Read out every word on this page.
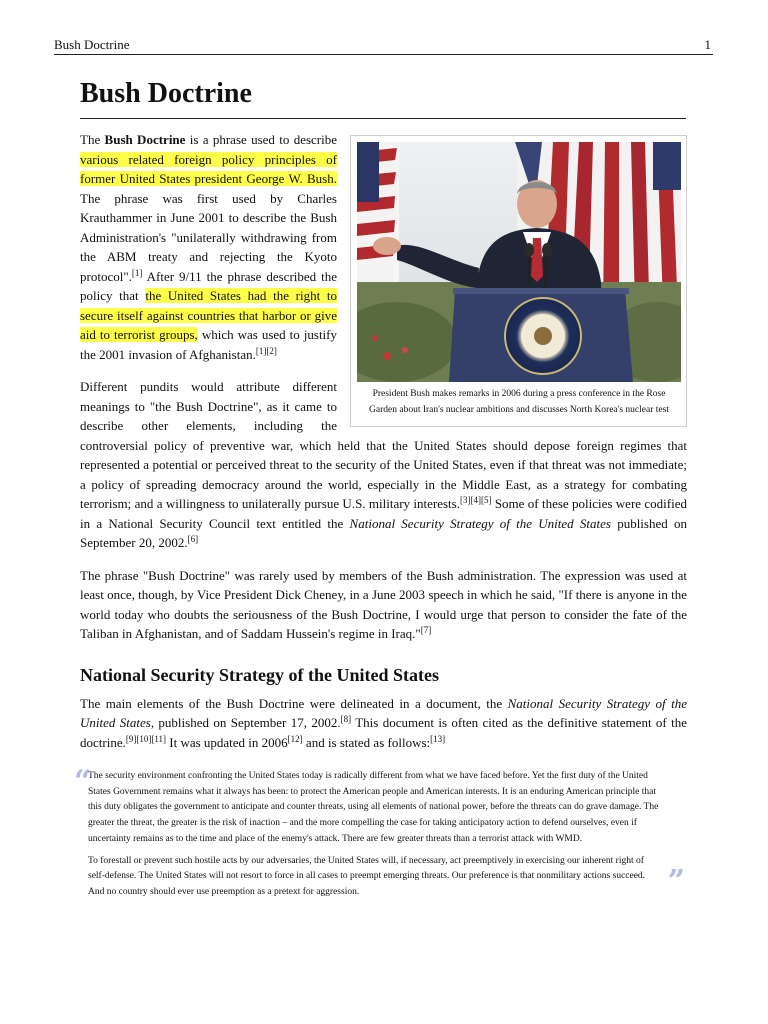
Bush Doctrine	1
Bush Doctrine
President Bush makes remarks in 2006 during a press conference in the Rose Garden about Iran's nuclear ambitions and discusses North Korea's nuclear test

The Bush Doctrine is a phrase used to describe various related foreign policy principles of former United States president George W. Bush. The phrase was first used by Charles Krauthammer in June 2001 to describe the Bush Administration's "unilaterally withdrawing from the ABM treaty and rejecting the Kyoto protocol".[1] After 9/11 the phrase described the policy that the United States had the right to secure itself against countries that harbor or give aid to terrorist groups, which was used to justify the 2001 invasion of Afghanistan.[1][2]

Different pundits would attribute different meanings to "the Bush Doctrine", as it came to describe other elements, including the controversial policy of preventive war, which held that the United States should depose foreign regimes that represented a potential or perceived threat to the security of the United States, even if that threat was not immediate; a policy of spreading democracy around the world, especially in the Middle East, as a strategy for combating terrorism; and a willingness to unilaterally pursue U.S. military interests.[3][4][5] Some of these policies were codified in a National Security Council text entitled the National Security Strategy of the United States published on September 20, 2002.[6]

The phrase "Bush Doctrine" was rarely used by members of the Bush administration. The expression was used at least once, though, by Vice President Dick Cheney, in a June 2003 speech in which he said, "If there is anyone in the world today who doubts the seriousness of the Bush Doctrine, I would urge that person to consider the fate of the Taliban in Afghanistan, and of Saddam Hussein's regime in Iraq."[7]

National Security Strategy of the United States

The main elements of the Bush Doctrine were delineated in a document, the National Security Strategy of the United States, published on September 17, 2002.[8] This document is often cited as the definitive statement of the doctrine.[9][10][11] It was updated in 2006[12] and is stated as follows:[13]

“

The security environment confronting the United States today is radically different from what we have faced before. Yet the first duty of the United States Government remains what it always has been: to protect the American people and American interests. It is an enduring American principle that this duty obligates the government to anticipate and counter threats, using all elements of national power, before the threats can do grave damage. The greater the threat, the greater is the risk of inaction – and the more compelling the case for taking anticipatory action to defend ourselves, even if uncertainty remains as to the time and place of the enemy's attack. There are few greater threats than a terrorist attack with WMD.

To forestall or prevent such hostile acts by our adversaries, the United States will, if necessary, act preemptively in exercising our inherent right of self-defense. The United States will not resort to force in all cases to preempt emerging threats. Our preference is that nonmilitary actions succeed. And no country should ever use preemption as a pretext for aggression.	”
